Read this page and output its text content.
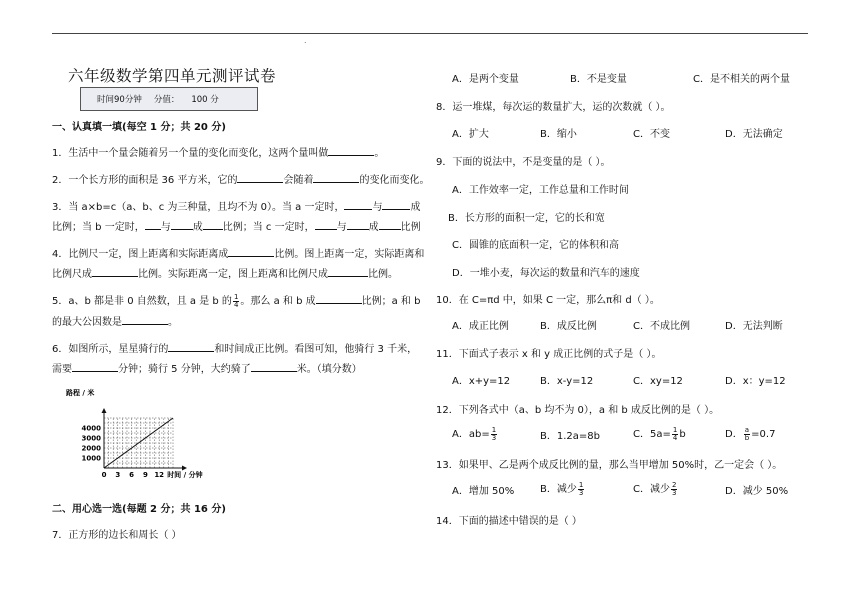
.
六年级数学第四单元测评试卷
时间90分钟 分值： 100 分
一、认真填一填(每空 1 分；共 20 分)
1．生活中一个量会随着另一个量的变化而变化，这两个量叫做	。
2．一个长方形的面积是 36 平方米，它的	会随着	的变化而变化。
3．当 a×b=c（a、b、c 为三种量，且均不为 0）。当 a 一定时，	与	成
比例；当 b 一定时， 与 成 比例；当 c 一定时， 与 成 比例
4．比例尺一定，图上距离和实际距离成	比例。图上距离一定，实际距离和
比例尺成	比例。实际距离一定，图上距离和比例尺成	比例。
5．a、b 都是非 0 自然数，且 a 是 b 的 $\frac{1}{4}$ 。那么 a 和 b 成	比例；a 和 b
的最大公因数是	。
6．如图所示，星星骑行的	和时间成正比例。看图可知，他骑行 3 千米，
需要	分钟；骑行 5 分钟，大约骑了	米。（填分数）
4000
3000
2000
1000
0 3 6 9 12
路程 / 米
时间 / 分钟
二、用心选一选(每题 2 分；共 16 分)
7．正方形的边长和周长（ ）
A．是两个变量	B．不是变量	C．是不相关的两个量
8．运一堆煤，每次运的数量扩大，运的次数就（ ）。
A．扩大	B．缩小	C．不变	D．无法确定
9．下面的说法中，不是变量的是（ ）。
A．工作效率一定，工作总量和工作时间
B．长方形的面积一定，它的长和宽
C．圆锥的底面积一定，它的体积和高
D．一堆小麦，每次运的数量和汽车的速度
10．在 C=πd 中，如果 C 一定，那么π和 d（ ）。
A．成正比例	B．成反比例	C．不成比例	D．无法判断
11．下面式子表示 x 和 y 成正比例的式子是（ ）。
A．x+y=12	B．x-y=12	C．xy=12	D．x：y=12
12．下列各式中（a、b 均不为 0），a 和 b 成反比例的是（ ）。
A．$ab= \frac{1}{3}$	B．1.2a=8b	C．$5a= \frac{1}{4}$ b	D． $\frac{a}{b} =0.7$
13．如果甲、乙是两个成反比例的量，那么当甲增加 50%时，乙一定会（ ）。
A．增加 50%	B．减少 $\frac{1}{3}$	C．减少 $\frac{2}{3}$	D．减少 50%
14．下面的描述中错误的是（ ）
